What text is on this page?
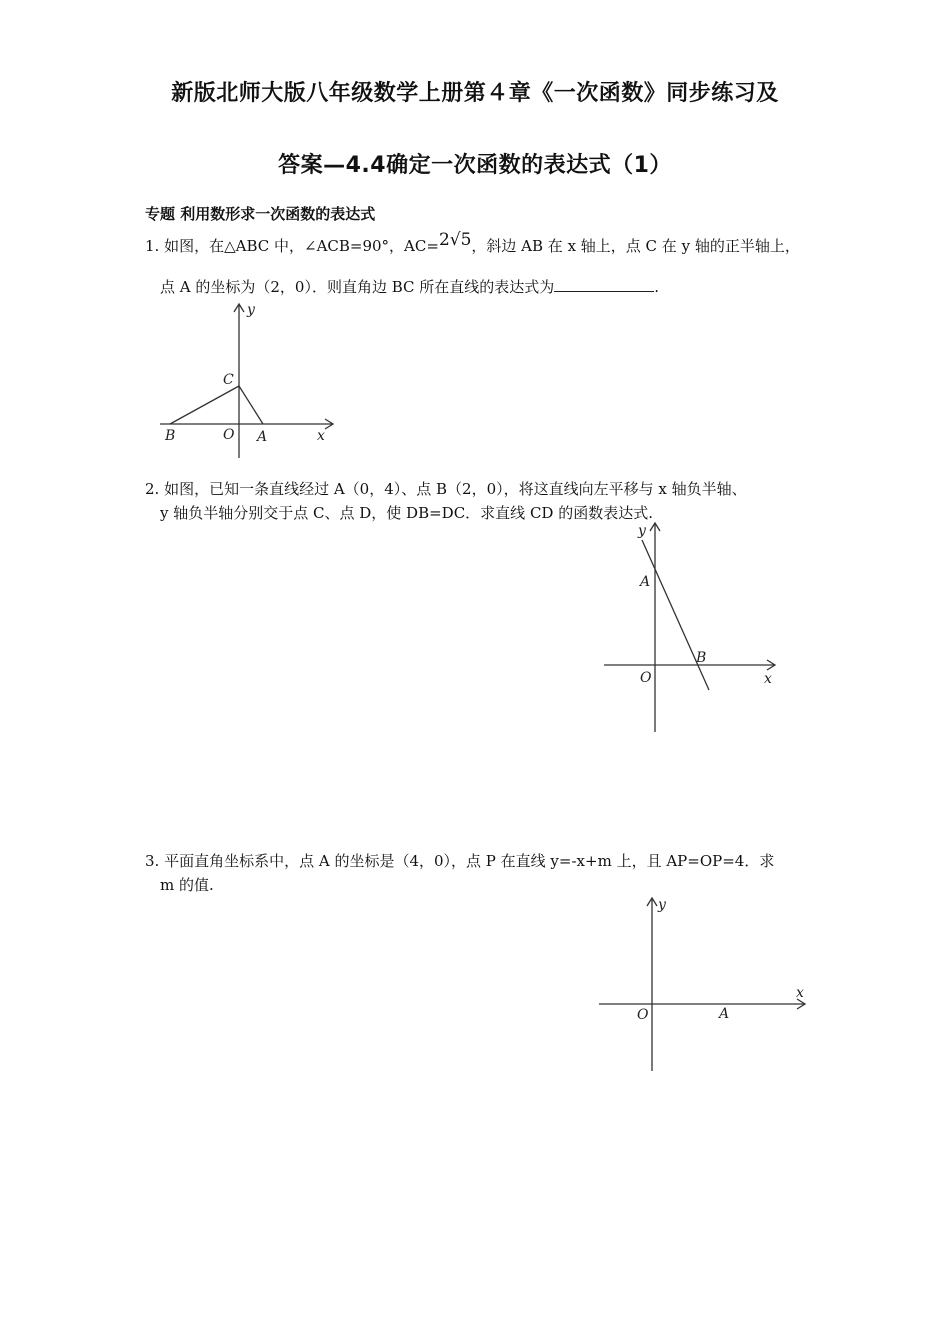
新版北师大版八年级数学上册第４章《一次函数》同步练习及
答案—4.4确定一次函数的表达式（1）
专题 利用数形求一次函数的表达式
1. 如图，在△ABC 中，∠ACB=90°，AC=2√5，斜边 AB 在 x 轴上，点 C 在 y 轴的正半轴上，
点 A 的坐标为（2，0）．则直角边 BC 所在直线的表达式为	.
y
x
C
B	O A
2. 如图，已知一条直线经过 A（0，4）、点 B（2，0），将这直线向左平移与 x 轴负半轴、
y 轴负半轴分别交于点 C、点 D，使 DB=DC．求直线 CD 的函数表达式.
y
x
A
B
O
3. 平面直角坐标系中，点 A 的坐标是（4，0），点 P 在直线 y=-x+m 上，且 AP=OP=4．求
m 的值.
y
x
O	A
